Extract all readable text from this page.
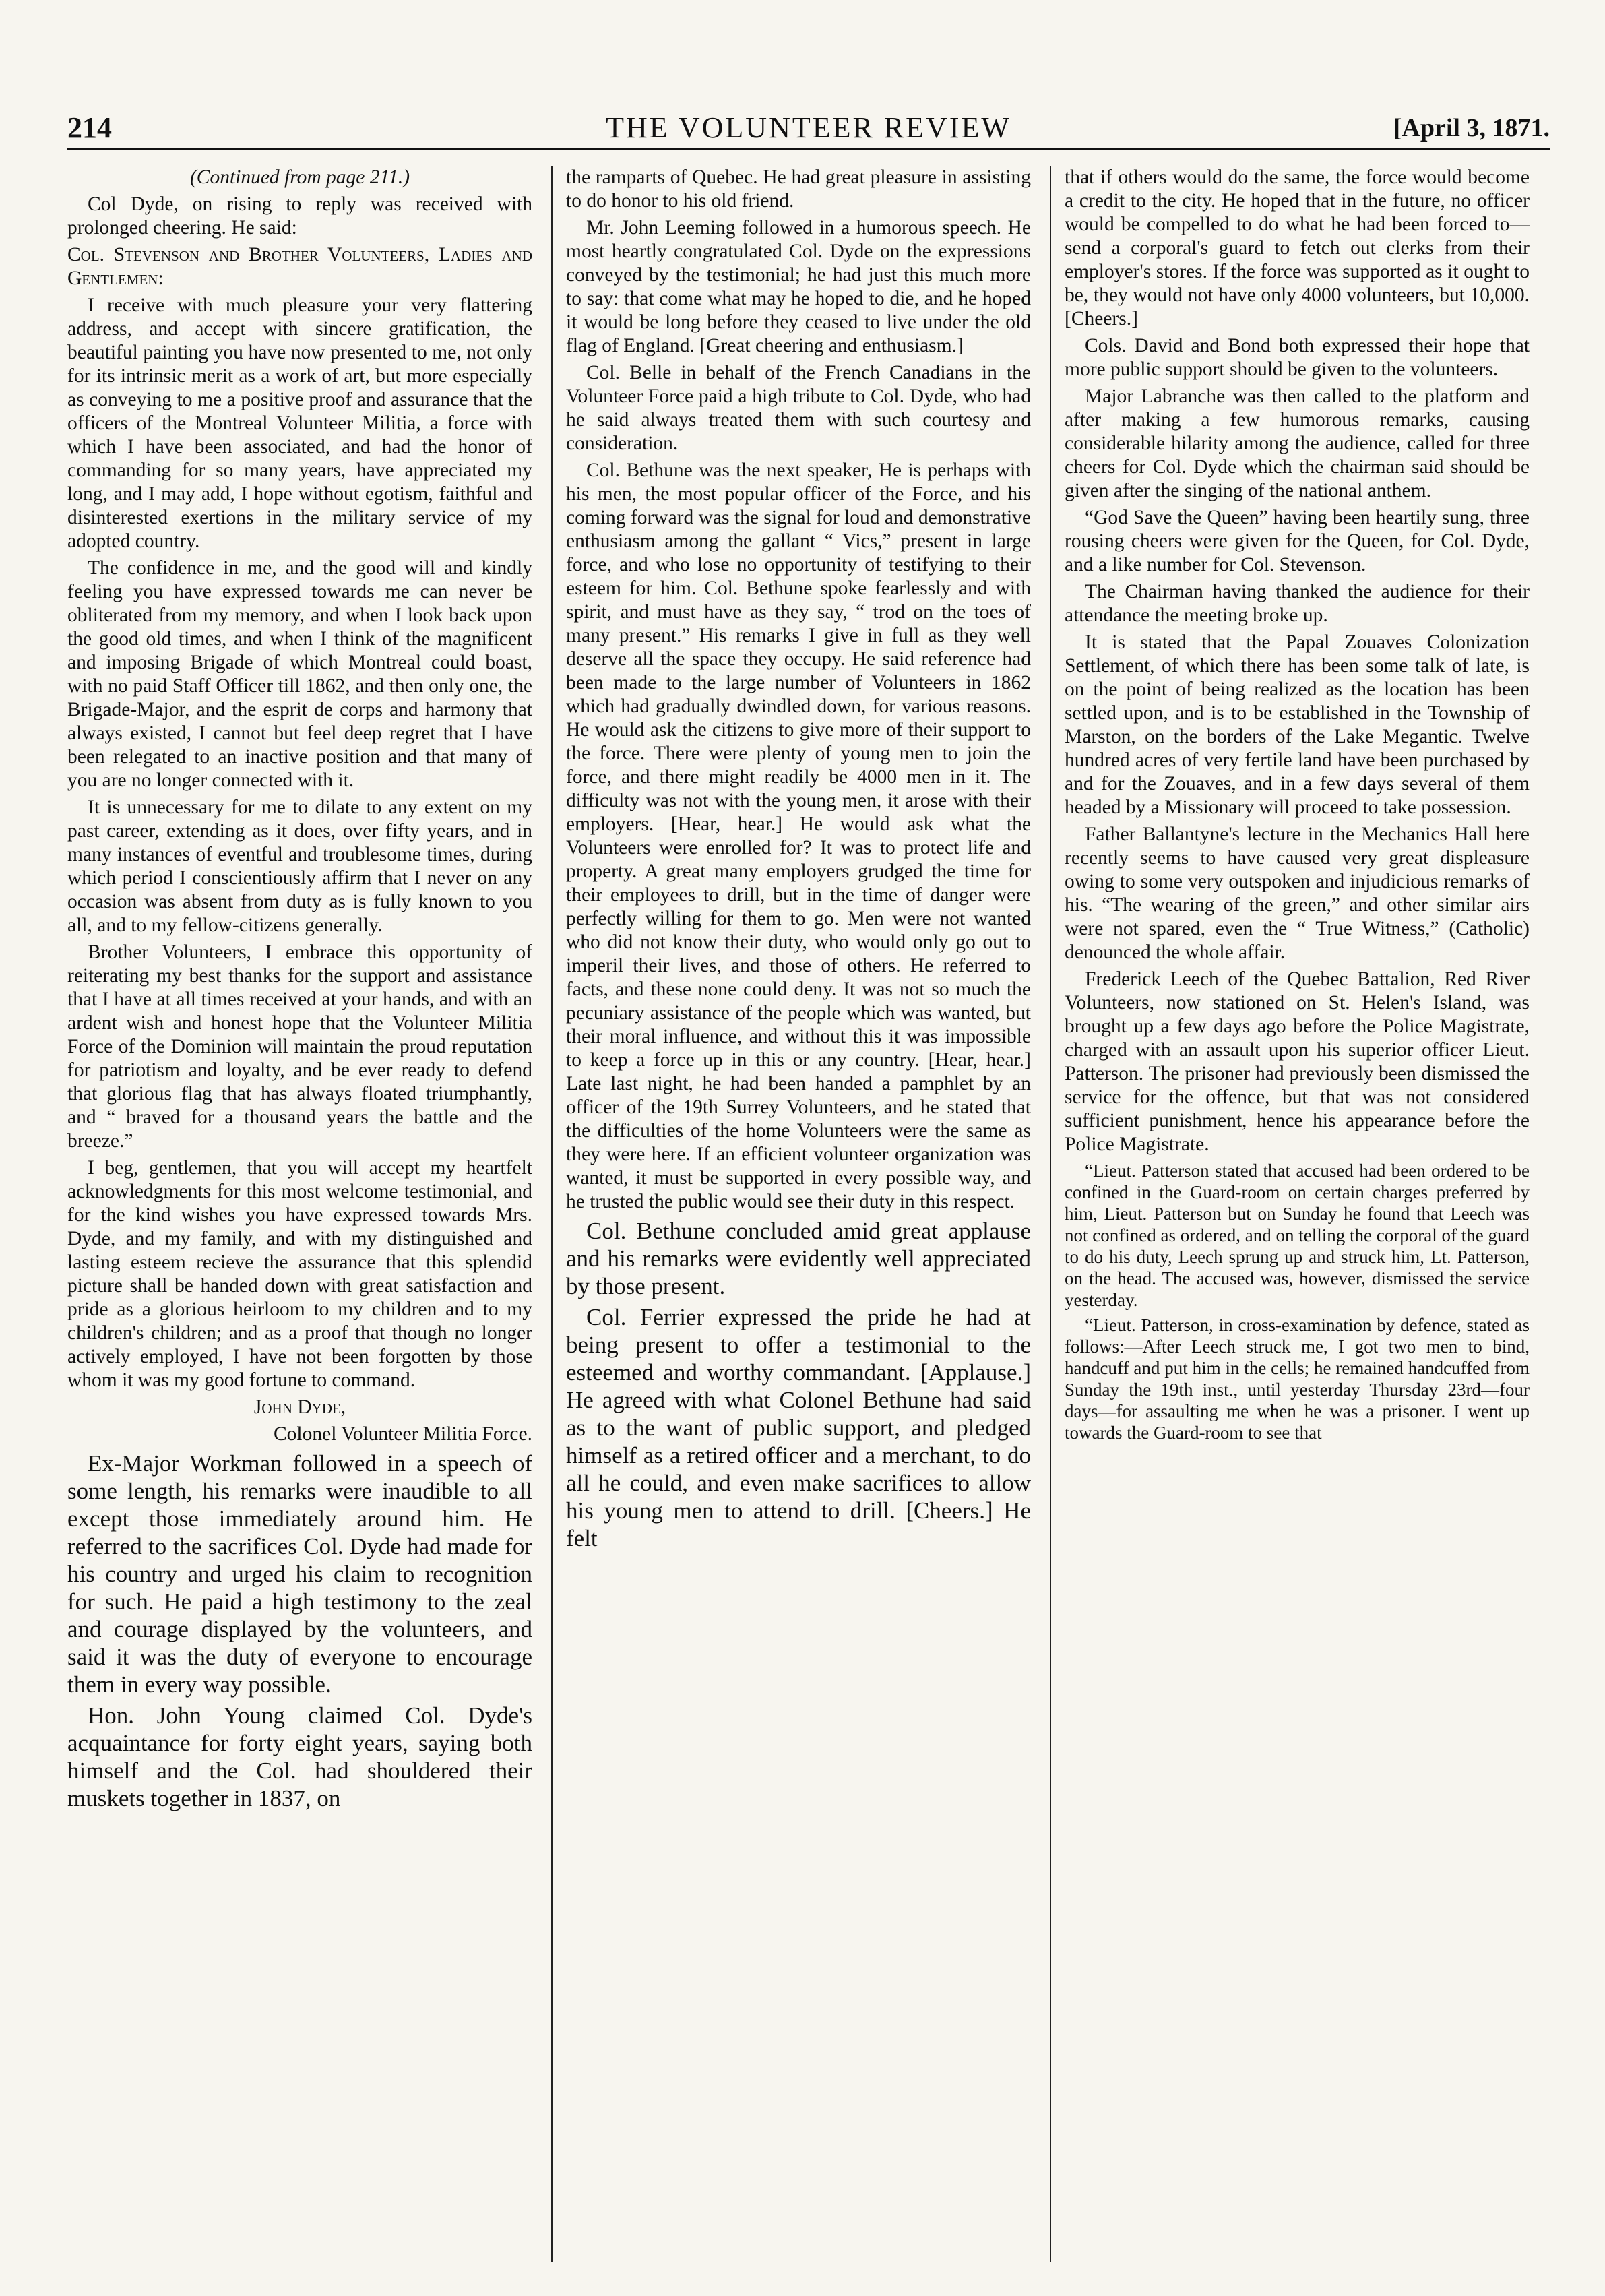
214	THE VOLUNTEER REVIEW	[April 3, 1871.

(Continued from page 211.)

Col Dyde, on rising to reply was received with prolonged cheering. He said:

Col. Stevenson and Brother Volunteers, Ladies and Gentlemen:

I receive with much pleasure your very flattering address, and accept with sincere gratification, the beautiful painting you have now presented to me, not only for its intrinsic merit as a work of art, but more especially as conveying to me a positive proof and assurance that the officers of the Montreal Volunteer Militia, a force with which I have been associated, and had the honor of commanding for so many years, have appreciated my long, and I may add, I hope without egotism, faithful and disinterested exertions in the military service of my adopted country.

The confidence in me, and the good will and kindly feeling you have expressed towards me can never be obliterated from my memory, and when I look back upon the good old times, and when I think of the magnificent and imposing Brigade of which Montreal could boast, with no paid Staff Officer till 1862, and then only one, the Brigade-Major, and the esprit de corps and harmony that always existed, I cannot but feel deep regret that I have been relegated to an inactive position and that many of you are no longer connected with it.

It is unnecessary for me to dilate to any extent on my past career, extending as it does, over fifty years, and in many instances of eventful and troublesome times, during which period I conscientiously affirm that I never on any occasion was absent from duty as is fully known to you all, and to my fellow-citizens generally.

Brother Volunteers, I embrace this opportunity of reiterating my best thanks for the support and assistance that I have at all times received at your hands, and with an ardent wish and honest hope that the Volunteer Militia Force of the Dominion will maintain the proud reputation for patriotism and loyalty, and be ever ready to defend that glorious flag that has always floated triumphantly, and “ braved for a thousand years the battle and the breeze.”

I beg, gentlemen, that you will accept my heartfelt acknowledgments for this most welcome testimonial, and for the kind wishes you have expressed towards Mrs. Dyde, and my family, and with my distinguished and lasting esteem recieve the assurance that this splendid picture shall be handed down with great satisfaction and pride as a glorious heirloom to my children and to my children's children; and as a proof that though no longer actively employed, I have not been forgotten by those whom it was my good fortune to command.

John Dyde,

Colonel Volunteer Militia Force.

Ex-Major Workman followed in a speech of some length, his remarks were inaudible to all except those immediately around him. He referred to the sacrifices Col. Dyde had made for his country and urged his claim to recognition for such. He paid a high testimony to the zeal and courage displayed by the volunteers, and said it was the duty of everyone to encourage them in every way possible.

Hon. John Young claimed Col. Dyde's acquaintance for forty eight years, saying both himself and the Col. had shouldered their muskets together in 1837, on

the ramparts of Quebec. He had great pleasure in assisting to do honor to his old friend.

Mr. John Leeming followed in a humorous speech. He most heartly congratulated Col. Dyde on the expressions conveyed by the testimonial; he had just this much more to say: that come what may he hoped to die, and he hoped it would be long before they ceased to live under the old flag of England. [Great cheering and enthusiasm.]

Col. Belle in behalf of the French Canadians in the Volunteer Force paid a high tribute to Col. Dyde, who had he said always treated them with such courtesy and consideration.

Col. Bethune was the next speaker, He is perhaps with his men, the most popular officer of the Force, and his coming forward was the signal for loud and demonstrative enthusiasm among the gallant “ Vics,” present in large force, and who lose no opportunity of testifying to their esteem for him. Col. Bethune spoke fearlessly and with spirit, and must have as they say, “ trod on the toes of many present.” His remarks I give in full as they well deserve all the space they occupy. He said reference had been made to the large number of Volunteers in 1862 which had gradually dwindled down, for various reasons. He would ask the citizens to give more of their support to the force. There were plenty of young men to join the force, and there might readily be 4000 men in it. The difficulty was not with the young men, it arose with their employers. [Hear, hear.] He would ask what the Volunteers were enrolled for? It was to protect life and property. A great many employers grudged the time for their employees to drill, but in the time of danger were perfectly willing for them to go. Men were not wanted who did not know their duty, who would only go out to imperil their lives, and those of others. He referred to facts, and these none could deny. It was not so much the pecuniary assistance of the people which was wanted, but their moral influence, and without this it was impossible to keep a force up in this or any country. [Hear, hear.] Late last night, he had been handed a pamphlet by an officer of the 19th Surrey Volunteers, and he stated that the difficulties of the home Volunteers were the same as they were here. If an efficient volunteer organization was wanted, it must be supported in every possible way, and he trusted the public would see their duty in this respect.

Col. Bethune concluded amid great applause and his remarks were evidently well appreciated by those present.

Col. Ferrier expressed the pride he had at being present to offer a testimonial to the esteemed and worthy commandant. [Applause.] He agreed with what Colonel Bethune had said as to the want of public support, and pledged himself as a retired officer and a merchant, to do all he could, and even make sacrifices to allow his young men to attend to drill. [Cheers.] He felt

that if others would do the same, the force would become a credit to the city. He hoped that in the future, no officer would be compelled to do what he had been forced to—send a corporal's guard to fetch out clerks from their employer's stores. If the force was supported as it ought to be, they would not have only 4000 volunteers, but 10,000. [Cheers.]

Cols. David and Bond both expressed their hope that more public support should be given to the volunteers.

Major Labranche was then called to the platform and after making a few humorous remarks, causing considerable hilarity among the audience, called for three cheers for Col. Dyde which the chairman said should be given after the singing of the national anthem.

“God Save the Queen” having been heartily sung, three rousing cheers were given for the Queen, for Col. Dyde, and a like number for Col. Stevenson.

The Chairman having thanked the audience for their attendance the meeting broke up.

It is stated that the Papal Zouaves Colonization Settlement, of which there has been some talk of late, is on the point of being realized as the location has been settled upon, and is to be established in the Township of Marston, on the borders of the Lake Megantic. Twelve hundred acres of very fertile land have been purchased by and for the Zouaves, and in a few days several of them headed by a Missionary will proceed to take possession.

Father Ballantyne's lecture in the Mechanics Hall here recently seems to have caused very great displeasure owing to some very outspoken and injudicious remarks of his. “The wearing of the green,” and other similar airs were not spared, even the “ True Witness,” (Catholic) denounced the whole affair.

Frederick Leech of the Quebec Battalion, Red River Volunteers, now stationed on St. Helen's Island, was brought up a few days ago before the Police Magistrate, charged with an assault upon his superior officer Lieut. Patterson. The prisoner had previously been dismissed the service for the offence, but that was not considered sufficient punishment, hence his appearance before the Police Magistrate.

“Lieut. Patterson stated that accused had been ordered to be confined in the Guard-room on certain charges preferred by him, Lieut. Patterson but on Sunday he found that Leech was not confined as ordered, and on telling the corporal of the guard to do his duty, Leech sprung up and struck him, Lt. Patterson, on the head. The accused was, however, dismissed the service yesterday.

“Lieut. Patterson, in cross-examination by defence, stated as follows:—After Leech struck me, I got two men to bind, handcuff and put him in the cells; he remained handcuffed from Sunday the 19th inst., until yesterday Thursday 23rd—four days—for assaulting me when he was a prisoner. I went up towards the Guard-room to see that
